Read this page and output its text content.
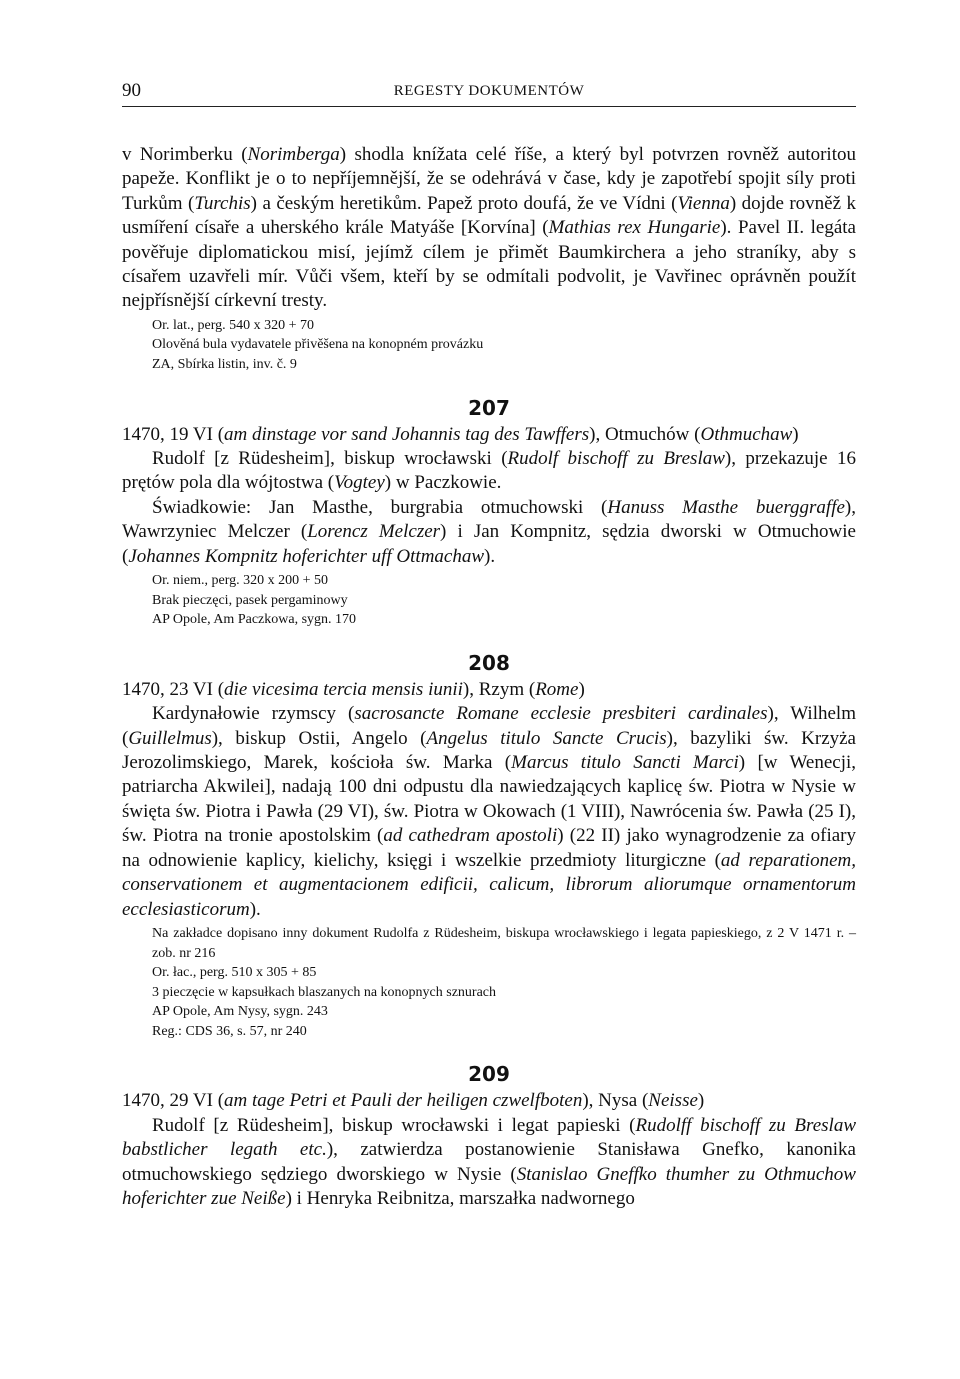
90	REGESTY DOKUMENTÓW

v Norimberku (Norimberga) shodla knížata celé říše, a který byl potvrzen rovněž autoritou papeže. Konflikt je o to nepříjemnější, že se odehrává v čase, kdy je zapotřebí spojit síly proti Turkům (Turchis) a českým heretikům. Papež proto doufá, že ve Vídni (Vienna) dojde rovněž k usmíření císaře a uherského krále Matyáše [Korvína] (Mathias rex Hungarie). Pavel II. legáta pověřuje diplomatickou misí, jejímž cílem je přimět Baumkirchera a jeho straníky, aby s císařem uzavřeli mír. Vůči všem, kteří by se odmítali podvolit, je Vavřinec oprávněn použít nejpřísnější církevní tresty.

Or. lat., perg. 540 x 320 + 70
Olověná bula vydavatele přivěšena na konopném provázku
ZA, Sbírka listin, inv. č. 9
207

1470, 19 VI (am dinstage vor sand Johannis tag des Tawffers), Otmuchów (Othmuchaw)

Rudolf [z Rüdesheim], biskup wrocławski (Rudolf bischoff zu Breslaw), przekazuje 16 prętów pola dla wójtostwa (Vogtey) w Paczkowie.

Świadkowie: Jan Masthe, burgrabia otmuchowski (Hanuss Masthe buerggraffe), Wawrzyniec Melczer (Lorencz Melczer) i Jan Kompnitz, sędzia dworski w Otmuchowie (Johannes Kompnitz hoferichter uff Ottmachaw).

Or. niem., perg. 320 x 200 + 50
Brak pieczęci, pasek pergaminowy
AP Opole, Am Paczkowa, sygn. 170
208

1470, 23 VI (die vicesima tercia mensis iunii), Rzym (Rome)

Kardynałowie rzymscy (sacrosancte Romane ecclesie presbiteri cardinales), Wilhelm (Guillelmus), biskup Ostii, Angelo (Angelus titulo Sancte Crucis), bazyliki św. Krzyża Jerozolimskiego, Marek, kościoła św. Marka (Marcus titulo Sancti Marci) [w Wenecji, patriarcha Akwilei], nadają 100 dni odpustu dla nawiedzających kaplicę św. Piotra w Nysie w święta św. Piotra i Pawła (29 VI), św. Piotra w Okowach (1 VIII), Nawrócenia św. Pawła (25 I), św. Piotra na tronie apostolskim (ad cathedram apostoli) (22 II) jako wynagrodzenie za ofiary na odnowienie kaplicy, kielichy, księgi i wszelkie przedmioty liturgiczne (ad reparationem, conservationem et augmentacionem edificii, calicum, librorum aliorumque ornamentorum ecclesiasticorum).

Na zakładce dopisano inny dokument Rudolfa z Rüdesheim, biskupa wrocławskiego i legata papieskiego, z 2 V 1471 r. – zob. nr 216
Or. łac., perg. 510 x 305 + 85
3 pieczęcie w kapsułkach blaszanych na konopnych sznurach
AP Opole, Am Nysy, sygn. 243
Reg.: CDS 36, s. 57, nr 240
209

1470, 29 VI (am tage Petri et Pauli der heiligen czwelfboten), Nysa (Neisse)

Rudolf [z Rüdesheim], biskup wrocławski i legat papieski (Rudolff bischoff zu Breslaw babstlicher legath etc.), zatwierdza postanowienie Stanisława Gnefko, kanonika otmuchowskiego sędziego dworskiego w Nysie (Stanislao Gneffko thumher zu Othmuchow hoferichter zue Neiße) i Henryka Reibnitza, marszałka nadwornego
